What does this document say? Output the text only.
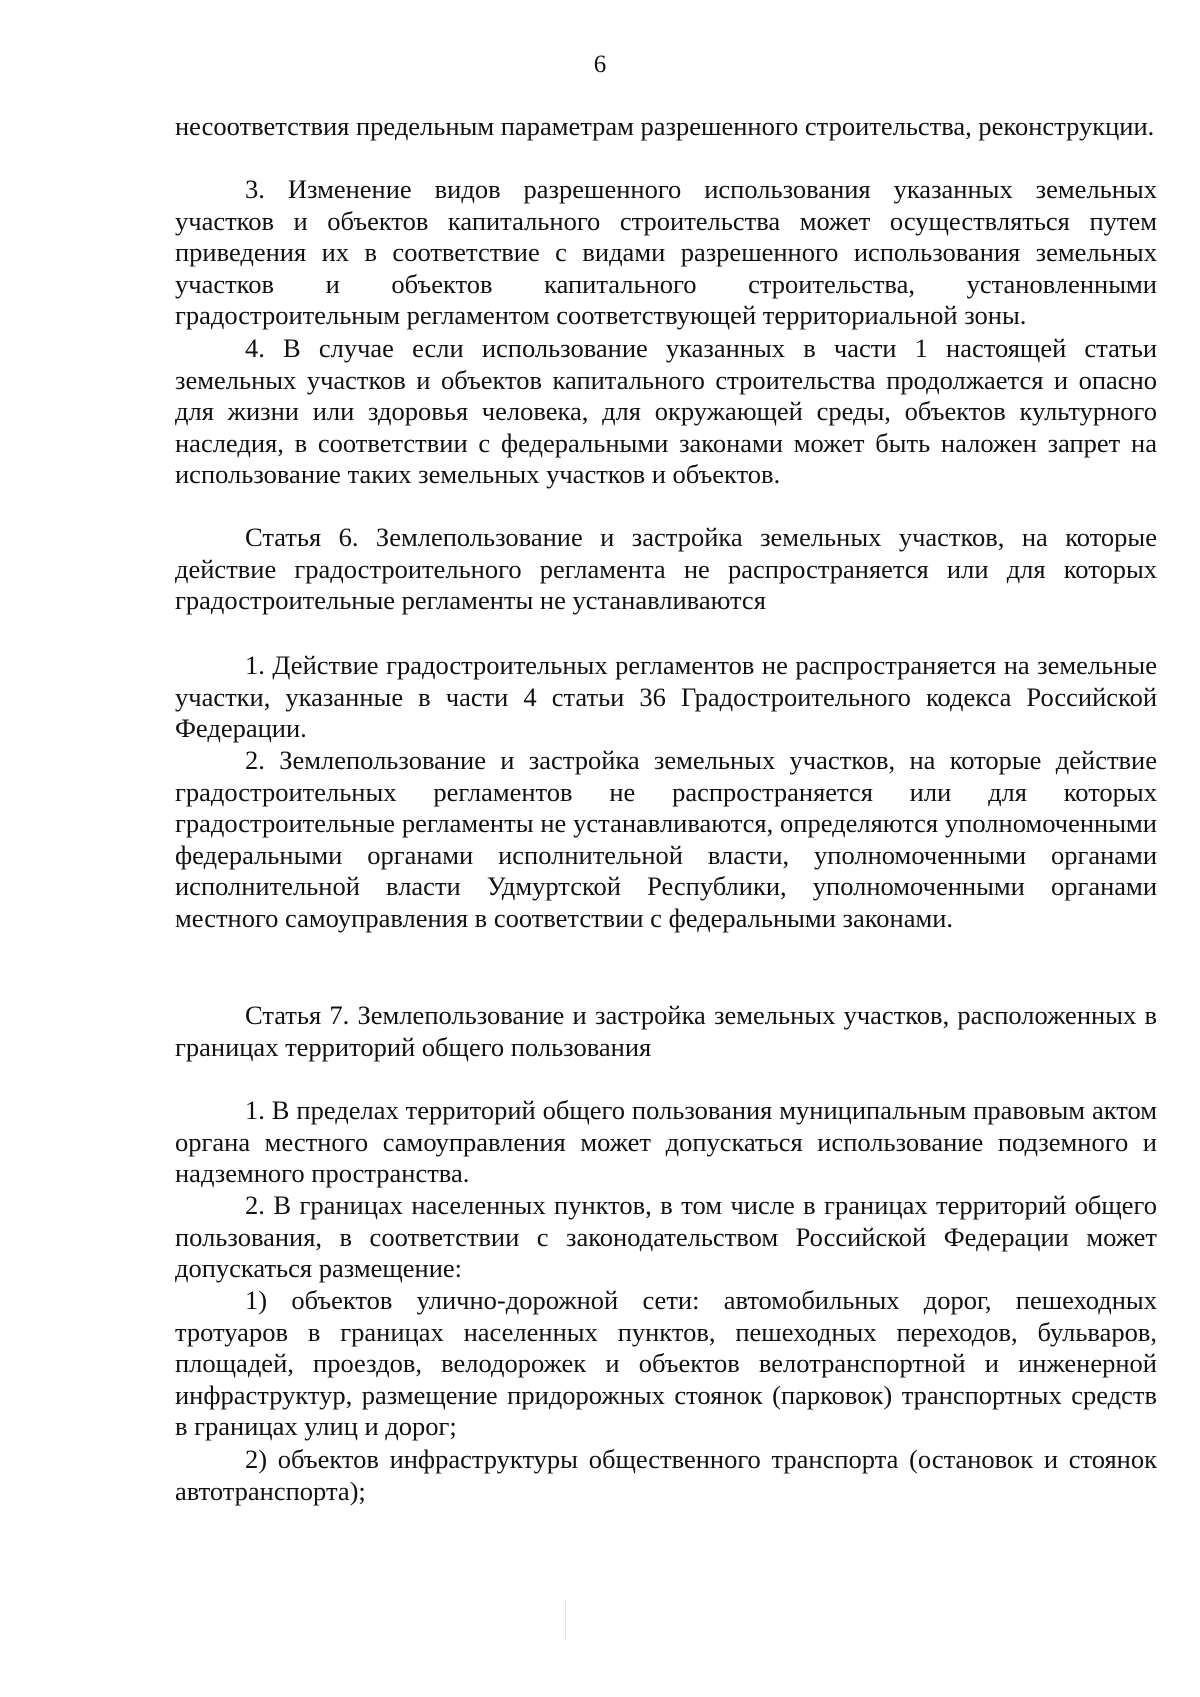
6

несоответствия предельным параметрам разрешенного строительства, реконструкции.

3. Изменение видов разрешенного использования указанных земельных участков и объектов капитального строительства может осуществляться путем приведения их в соответствие с видами разрешенного использования земельных участков и объектов капитального строительства, установленными градостроительным регламентом соответствующей территориальной зоны.

4. В случае если использование указанных в части 1 настоящей статьи земельных участков и объектов капитального строительства продолжается и опасно для жизни или здоровья человека, для окружающей среды, объектов культурного наследия, в соответствии с федеральными законами может быть наложен запрет на использование таких земельных участков и объектов.

Статья 6. Землепользование и застройка земельных участков, на которые действие градостроительного регламента не распространяется или для которых градостроительные регламенты не устанавливаются

1. Действие градостроительных регламентов не распространяется на земельные участки, указанные в части 4 статьи 36 Градостроительного кодекса Российской Федерации.

2. Землепользование и застройка земельных участков, на которые действие градостроительных регламентов не распространяется или для которых градостроительные регламенты не устанавливаются, определяются уполномоченными федеральными органами исполнительной власти, уполномоченными органами исполнительной власти Удмуртской Республики, уполномоченными органами местного самоуправления в соответствии с федеральными законами.

Статья 7. Землепользование и застройка земельных участков, расположенных в границах территорий общего пользования

1. В пределах территорий общего пользования муниципальным правовым актом органа местного самоуправления может допускаться использование подземного и надземного пространства.

2. В границах населенных пунктов, в том числе в границах территорий общего пользования, в соответствии с законодательством Российской Федерации может допускаться размещение:

1) объектов улично-дорожной сети: автомобильных дорог, пешеходных тротуаров в границах населенных пунктов, пешеходных переходов, бульваров, площадей, проездов, велодорожек и объектов велотранспортной и инженерной инфраструктур, размещение придорожных стоянок (парковок) транспортных средств в границах улиц и дорог;

2) объектов инфраструктуры общественного транспорта (остановок и стоянок автотранспорта);
